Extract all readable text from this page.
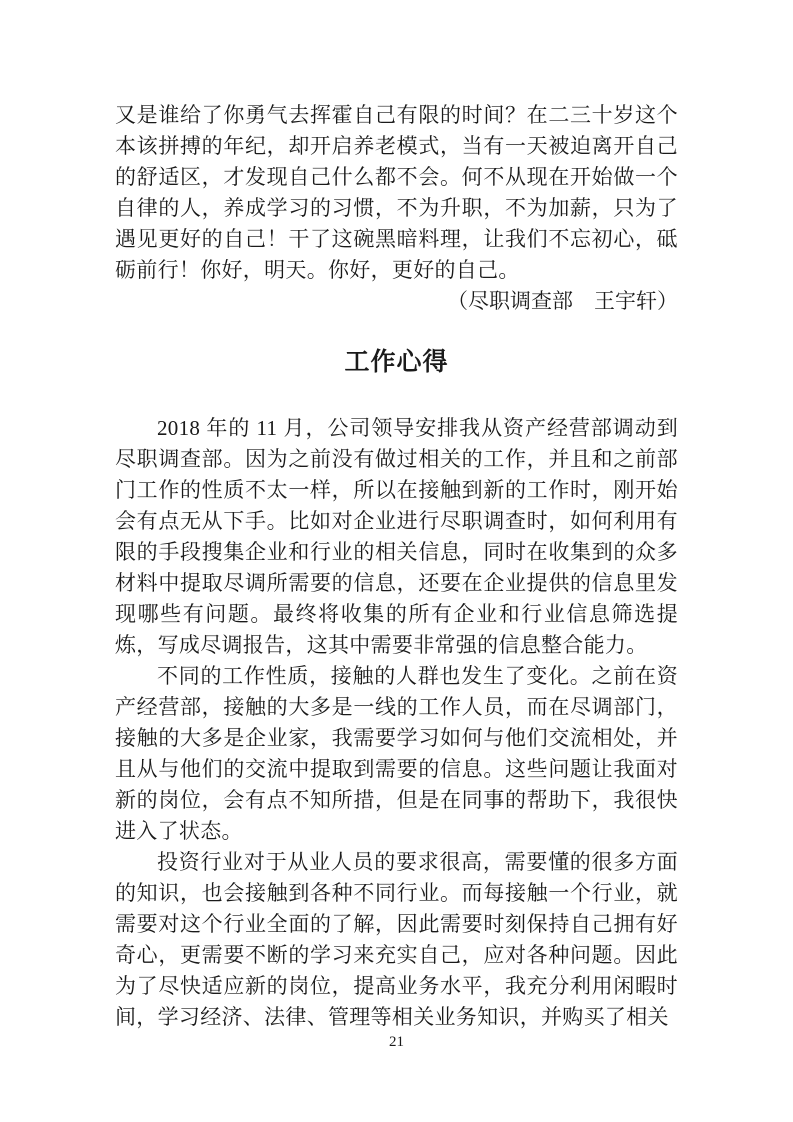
又是谁给了你勇气去挥霍自己有限的时间？在二三十岁这个本该拼搏的年纪，却开启养老模式，当有一天被迫离开自己的舒适区，才发现自己什么都不会。何不从现在开始做一个自律的人，养成学习的习惯，不为升职，不为加薪，只为了遇见更好的自己！干了这碗黑暗料理，让我们不忘初心，砥砺前行！你好，明天。你好，更好的自己。

（尽职调查部　王宇轩）

工作心得

2018 年的 11 月，公司领导安排我从资产经营部调动到尽职调查部。因为之前没有做过相关的工作，并且和之前部门工作的性质不太一样，所以在接触到新的工作时，刚开始会有点无从下手。比如对企业进行尽职调查时，如何利用有限的手段搜集企业和行业的相关信息，同时在收集到的众多材料中提取尽调所需要的信息，还要在企业提供的信息里发现哪些有问题。最终将收集的所有企业和行业信息筛选提炼，写成尽调报告，这其中需要非常强的信息整合能力。

不同的工作性质，接触的人群也发生了变化。之前在资产经营部，接触的大多是一线的工作人员，而在尽调部门，接触的大多是企业家，我需要学习如何与他们交流相处，并且从与他们的交流中提取到需要的信息。这些问题让我面对新的岗位，会有点不知所措，但是在同事的帮助下，我很快进入了状态。

投资行业对于从业人员的要求很高，需要懂的很多方面的知识，也会接触到各种不同行业。而每接触一个行业，就需要对这个行业全面的了解，因此需要时刻保持自己拥有好奇心，更需要不断的学习来充实自己，应对各种问题。因此为了尽快适应新的岗位，提高业务水平，我充分利用闲暇时间，学习经济、法律、管理等相关业务知识，并购买了相关

21
